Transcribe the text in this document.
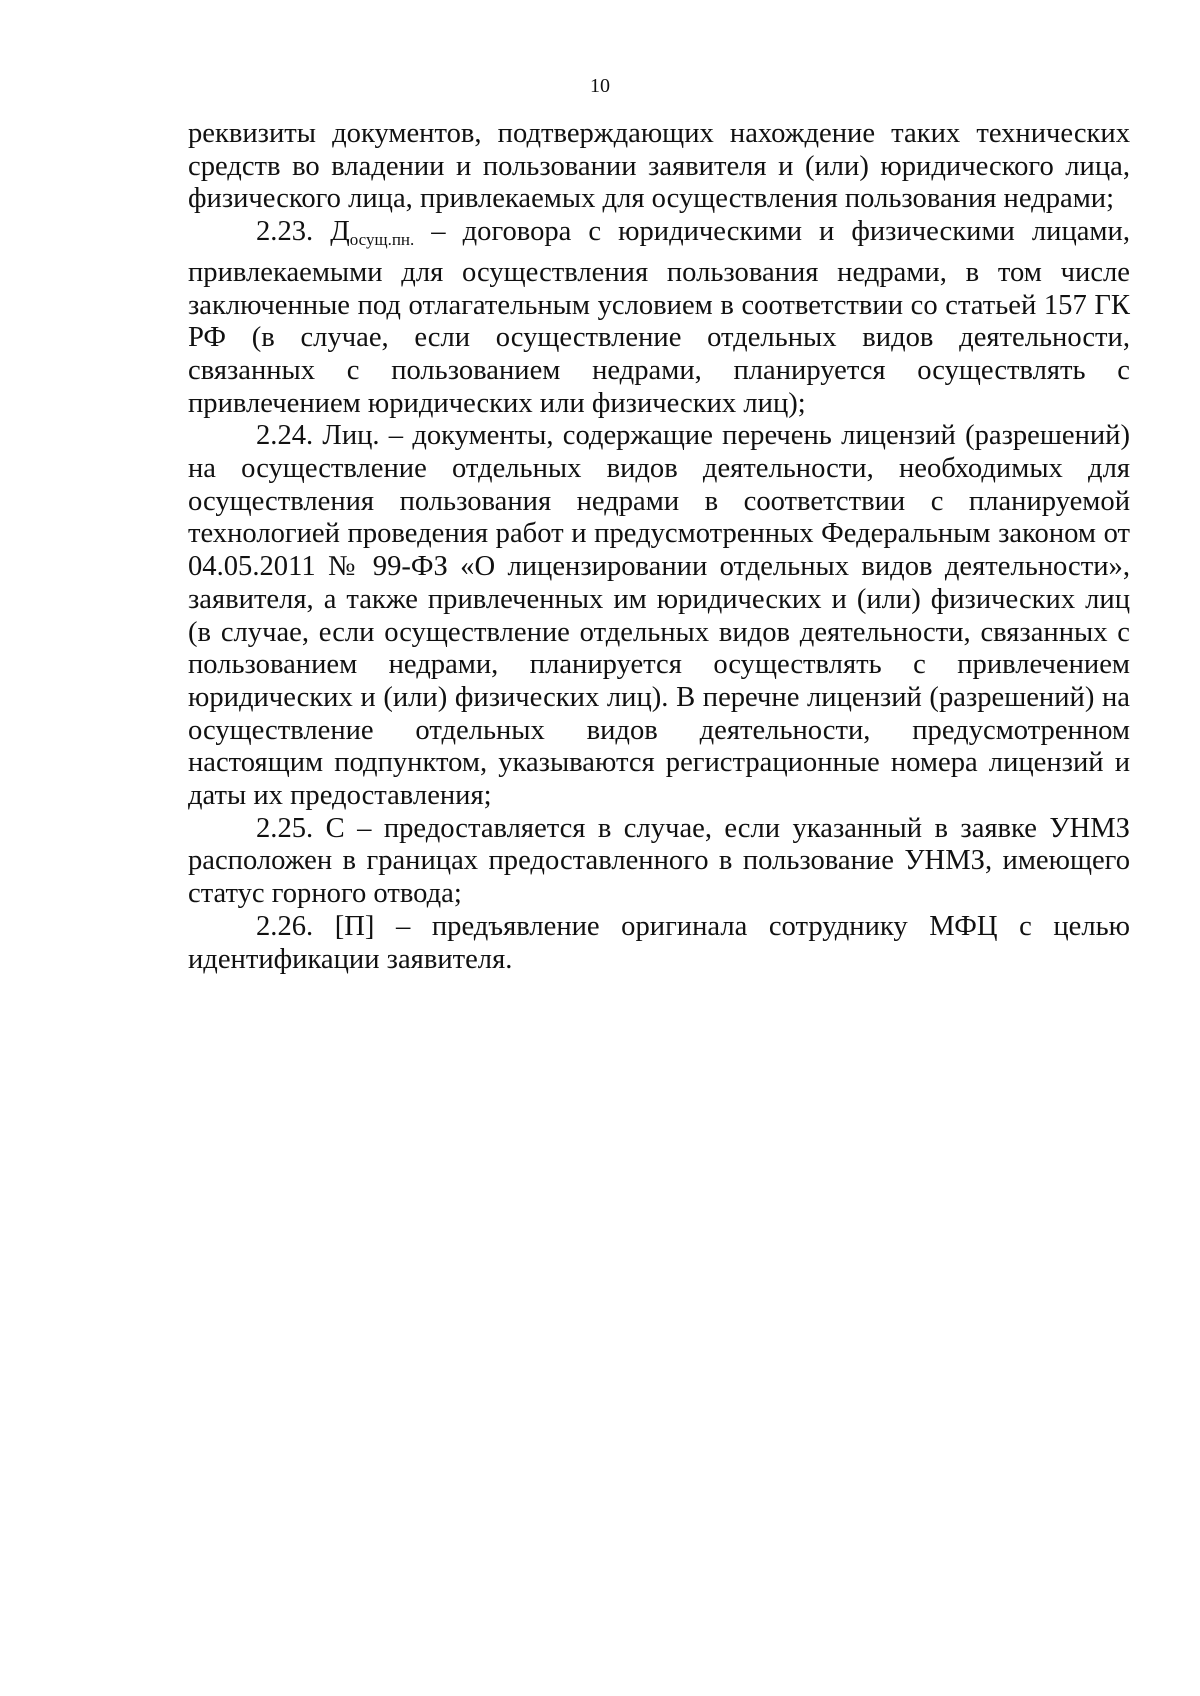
10

реквизиты документов, подтверждающих нахождение таких технических средств во владении и пользовании заявителя и (или) юридического лица, физического лица, привлекаемых для осуществления пользования недрами;

2.23. $Д_{осущ.пн.}$ – договора с юридическими и физическими лицами, привлекаемыми для осуществления пользования недрами, в том числе заключенные под отлагательным условием в соответствии со статьей 157 ГК РФ (в случае, если осуществление отдельных видов деятельности, связанных с пользованием недрами, планируется осуществлять с привлечением юридических или физических лиц);

2.24. Лиц. – документы, содержащие перечень лицензий (разрешений) на осуществление отдельных видов деятельности, необходимых для осуществления пользования недрами в соответствии с планируемой технологией проведения работ и предусмотренных Федеральным законом от 04.05.2011 № 99-ФЗ «О лицензировании отдельных видов деятельности», заявителя, а также привлеченных им юридических и (или) физических лиц (в случае, если осуществление отдельных видов деятельности, связанных с пользованием недрами, планируется осуществлять с привлечением юридических и (или) физических лиц). В перечне лицензий (разрешений) на осуществление отдельных видов деятельности, предусмотренном настоящим подпунктом, указываются регистрационные номера лицензий и даты их предоставления;

2.25. С – предоставляется в случае, если указанный в заявке УНМЗ расположен в границах предоставленного в пользование УНМЗ, имеющего статус горного отвода;

2.26. [П] – предъявление оригинала сотруднику МФЦ с целью идентификации заявителя.
